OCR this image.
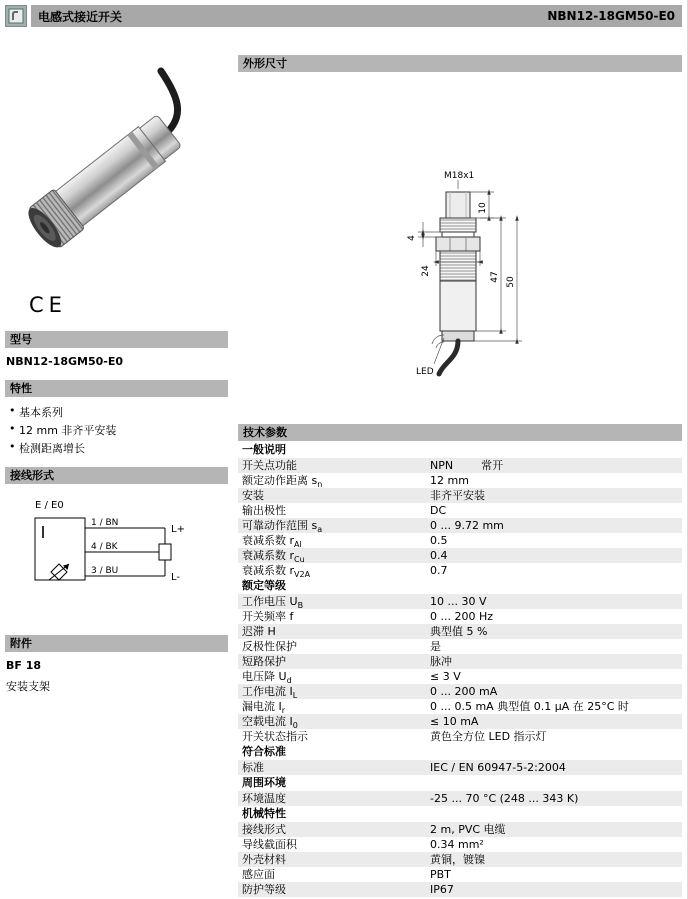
电感式接近开关	NBN12-18GM50-E0
CE
型号
NBN12-18GM50-E0
特性
• 基本系列
• 12 mm 非齐平安装
• 检测距离增长
接线形式
E / E0
1 / BN
L+
4 / BK
3 / BU
L-
附件
BF 18
安装支架
外形尺寸
M18x1
10
4
24
47 50
LED
技术参数
一般说明
开关点功能	NPN        常开
额定动作距离 $s_n$	12 mm
安装	非齐平安装
输出极性	DC
可靠动作范围 $s_a$	0 ... 9.72 mm
衰减系数 $r_{Al}$	0.5
衰减系数 $r_{Cu}$	0.4
衰减系数 $r_{V2A}$	0.7
额定等级
工作电压 $U_B$	10 ... 30 V
开关频率 f	0 ... 200 Hz
迟滞 H	典型值 5 %
反极性保护	是
短路保护	脉冲
电压降 $U_d$	≤ 3 V
工作电流 $I_L$	0 ... 200 mA
漏电流 $I_r$	0 ... 0.5 mA 典型值 0.1 µA 在 25°C 时
空载电流 $I_0$	≤ 10 mA
开关状态指示	黄色全方位 LED 指示灯
符合标准
标准	IEC / EN 60947-5-2:2004
周围环境
环境温度	-25 ... 70 °C (248 ... 343 K)
机械特性
接线形式	2 m, PVC 电缆
导线截面积	0.34 mm²
外壳材料	黄铜，镀镍
感应面	PBT
防护等级	IP67
